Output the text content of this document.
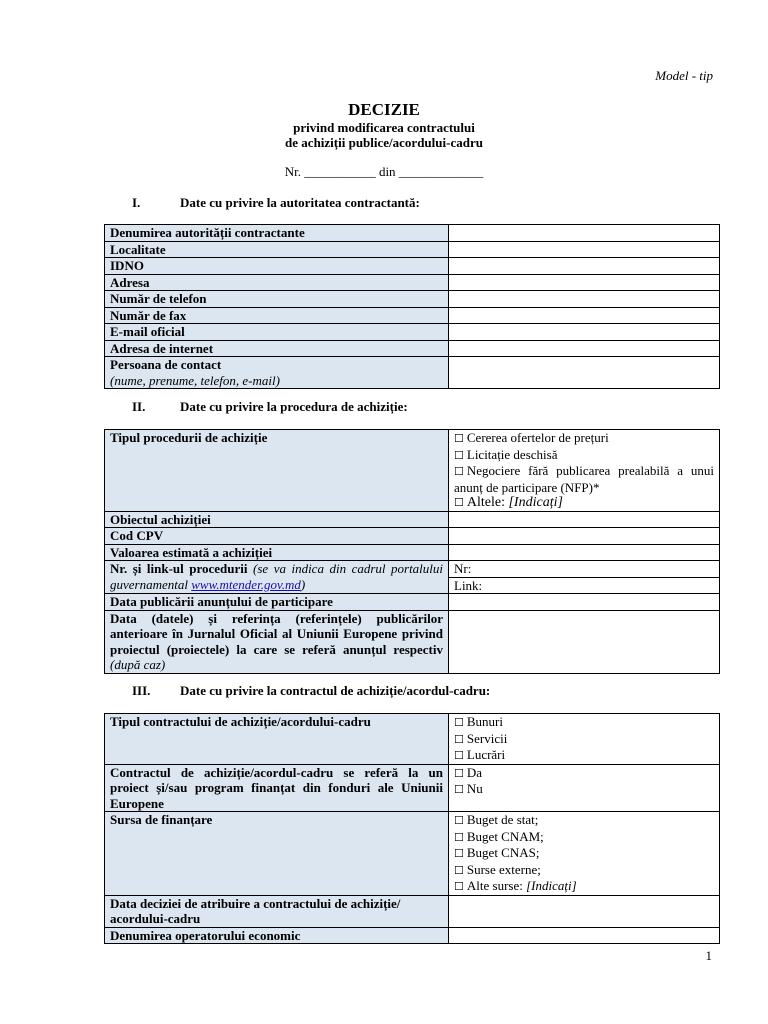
Model - tip
DECIZIE
privind modificarea contractului
de achiziții publice/acordului-cadru
Nr. ___________ din _____________
I.	Date cu privire la autoritatea contractantă:
Denumirea autorității contractante	
Localitate	
IDNO	
Adresa	
Număr de telefon	
Număr de fax	
E-mail oficial	
Adresa de internet	
Persoana de contact
(nume, prenume, telefon, e-mail)	
II.	Date cu privire la procedura de achiziție:
Tipul procedurii de achiziție	☐ Cererea ofertelor de prețuri
☐ Licitație deschisă
☐ Negociere fără publicarea prealabilă a unui anunț de participare (NFP)*
☐ Altele: [Indicați]

Obiectul achiziției	
Cod CPV	
Valoarea estimată a achiziției	
Nr. și link-ul procedurii (se va indica din cadrul portalului guvernamental www.mtender.gov.md)	Nr:
	Link:
Data publicării anunțului de participare	
Data (datele) și referința (referințele) publicărilor anterioare în Jurnalul Oficial al Uniunii Europene privind proiectul (proiectele) la care se referă anunțul respectiv (după caz)	
III. Date cu privire la contractul de achiziție/acordul-cadru:
Tipul contractului de achiziție/acordului-cadru	☐ Bunuri
☐ Servicii
☐ Lucrări

Contractul de achiziție/acordul-cadru se referă la un proiect și/sau program finanțat din fonduri ale Uniunii Europene	☐ Da
☐ Nu

Sursa de finanțare	☐ Buget de stat;
☐ Buget CNAM;
☐ Buget CNAS;
☐ Surse externe;
☐ Alte surse: [Indicați]

Data deciziei de atribuire a contractului de achiziție/ acordului-cadru	
Denumirea operatorului economic	
1
